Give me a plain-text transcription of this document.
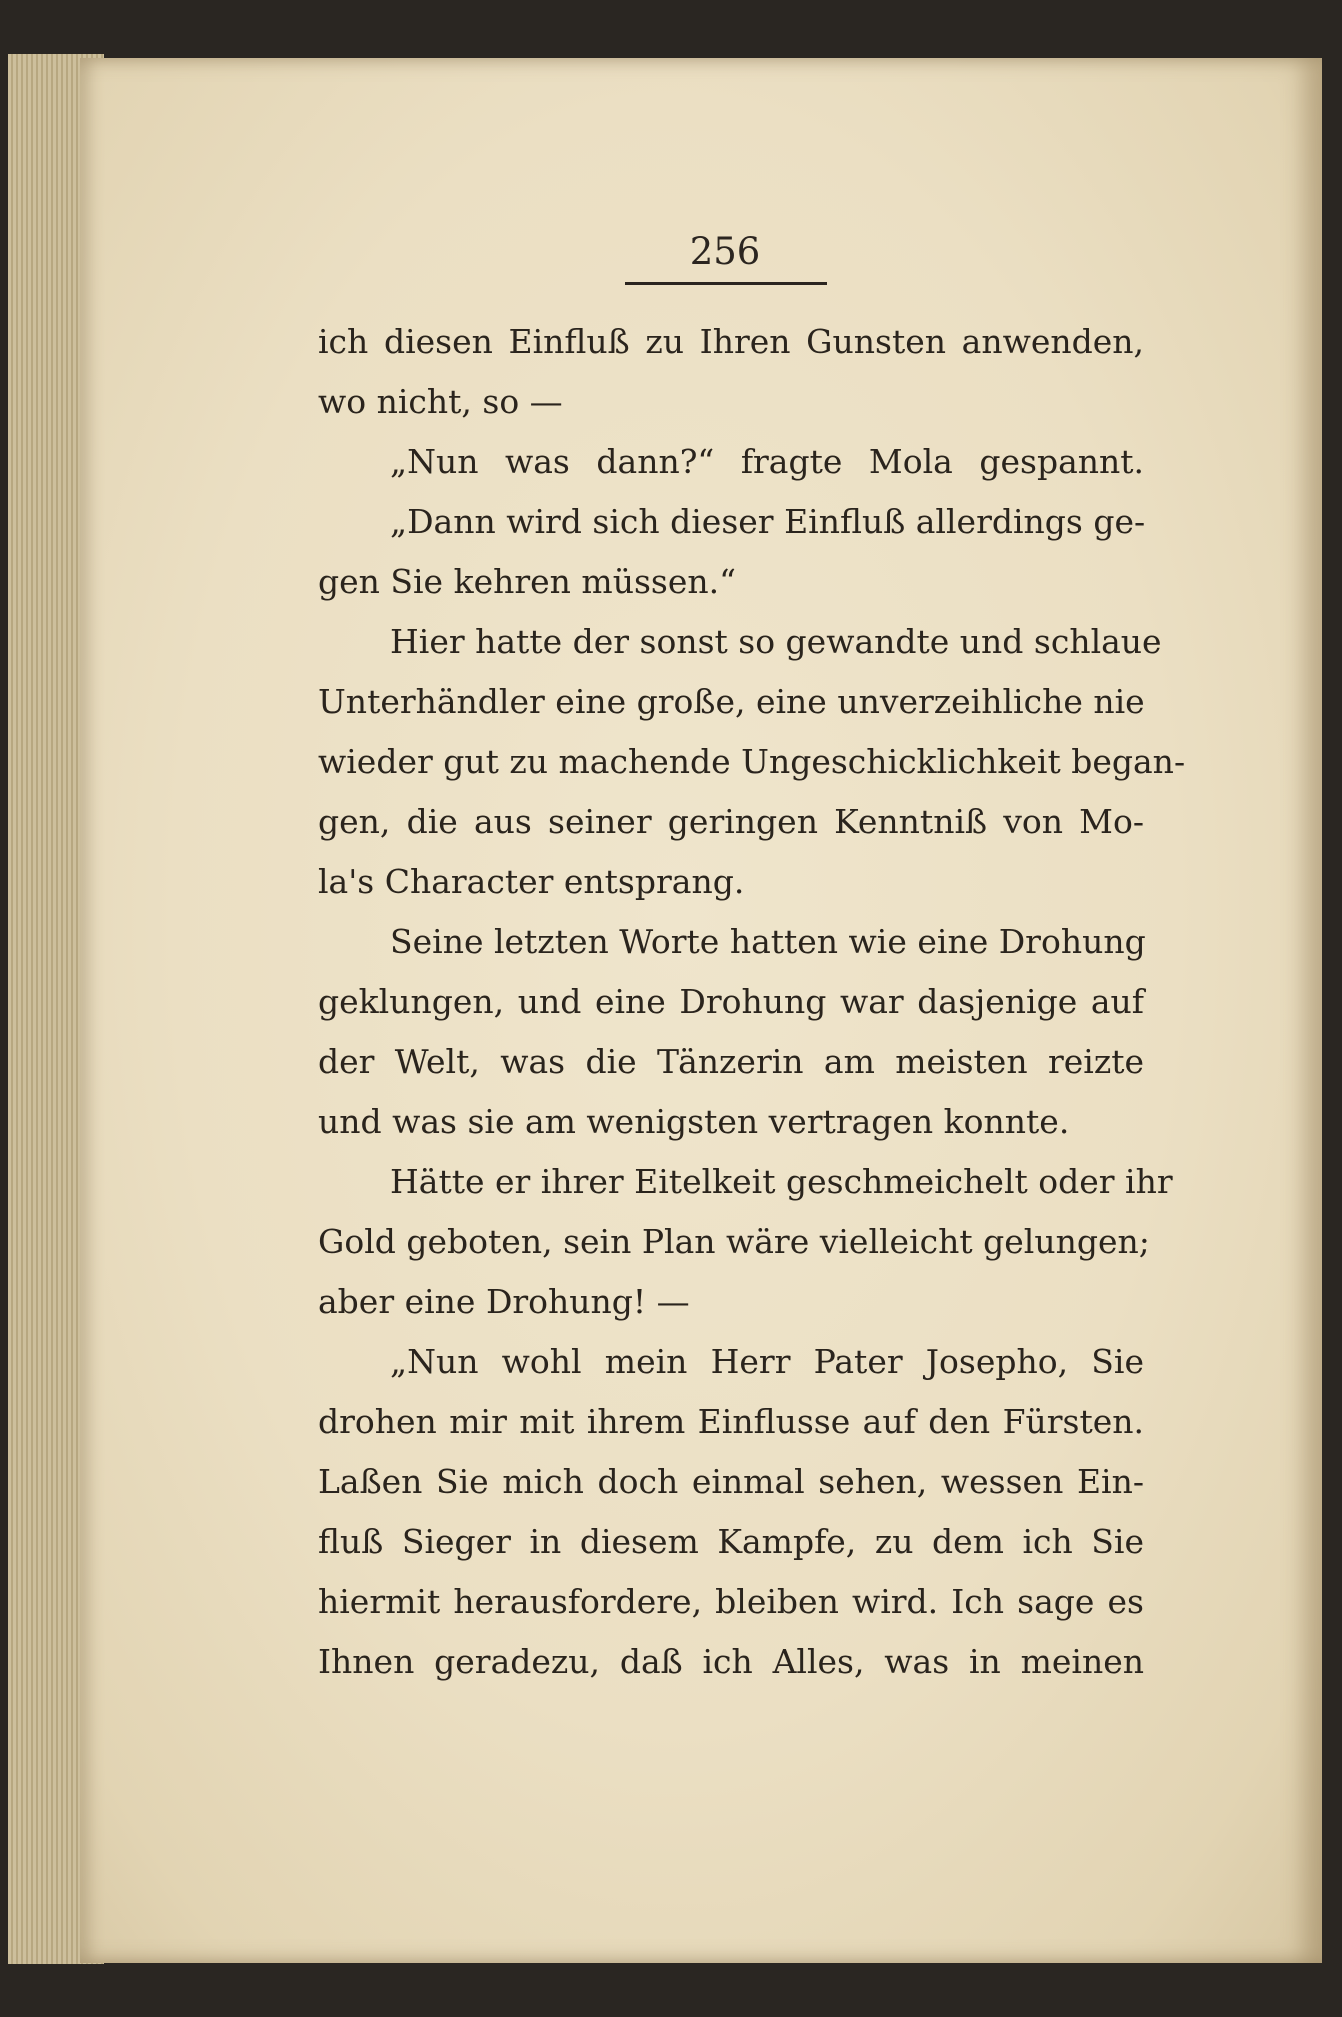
256
ich diesen Einfluß zu Ihren Gunsten anwenden,
wo nicht, so —
„Nun was dann?“ fragte Mola gespannt.
„Dann wird sich dieser Einfluß allerdings ge-
gen Sie kehren müssen.“
Hier hatte der sonst so gewandte und schlaue
Unterhändler eine große, eine unverzeihliche nie
wieder gut zu machende Ungeschicklichkeit began-
gen, die aus seiner geringen Kenntniß von Mo-
la's Character entsprang.
Seine letzten Worte hatten wie eine Drohung
geklungen, und eine Drohung war dasjenige auf
der Welt, was die Tänzerin am meisten reizte
und was sie am wenigsten vertragen konnte.
Hätte er ihrer Eitelkeit geschmeichelt oder ihr
Gold geboten, sein Plan wäre vielleicht gelungen;
aber eine Drohung! —
„Nun wohl mein Herr Pater Josepho, Sie
drohen mir mit ihrem Einflusse auf den Fürsten.
Laßen Sie mich doch einmal sehen, wessen Ein-
fluß Sieger in diesem Kampfe, zu dem ich Sie
hiermit herausfordere, bleiben wird. Ich sage es
Ihnen geradezu, daß ich Alles, was in meinen
